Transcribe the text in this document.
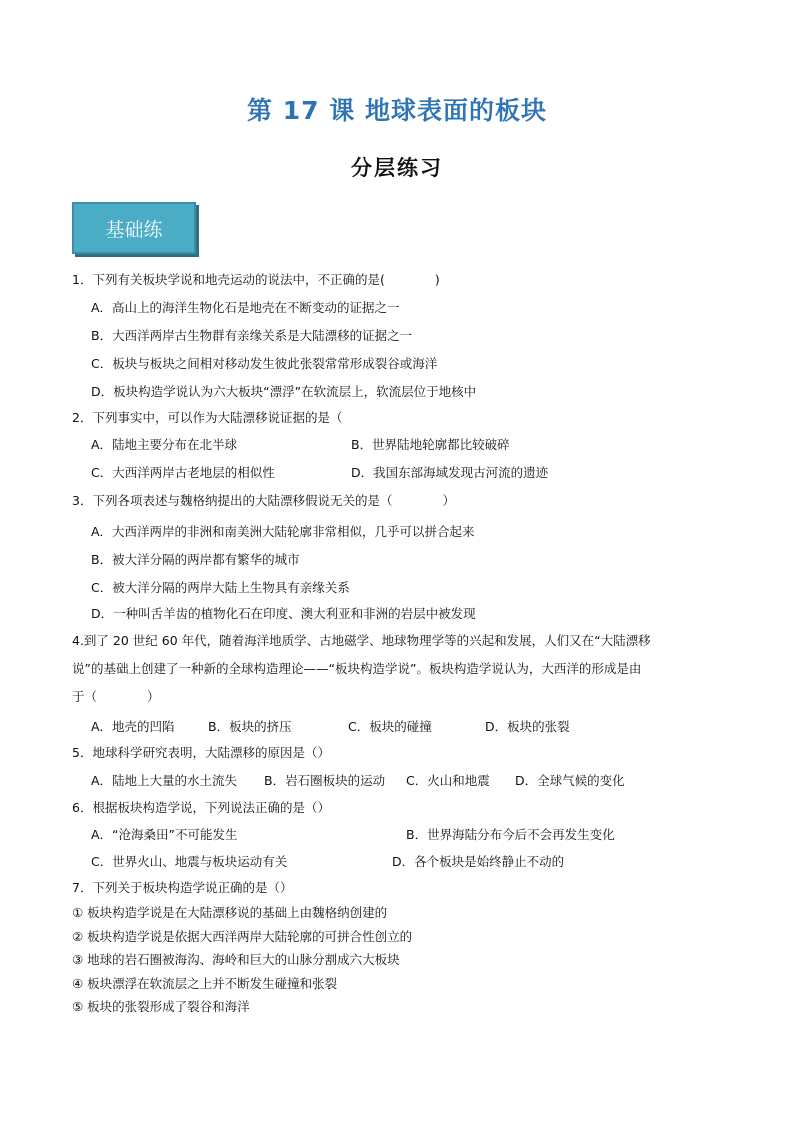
第 17 课 地球表面的板块
分层练习
基础练
1．下列有关板块学说和地壳运动的说法中，不正确的是(　　　　)
A．高山上的海洋生物化石是地壳在不断变动的证据之一
B．大西洋两岸古生物群有亲缘关系是大陆漂移的证据之一
C．板块与板块之间相对移动发生彼此张裂常常形成裂谷或海洋
D．板块构造学说认为六大板块“漂浮”在软流层上，软流层位于地核中
2．下列事实中，可以作为大陆漂移说证据的是（
A．陆地主要分布在北半球	B．世界陆地轮廓都比较破碎
C．大西洋两岸古老地层的相似性	D．我国东部海域发现古河流的遗迹
3．下列各项表述与魏格纳提出的大陆漂移假说无关的是（　　　　）
A．大西洋两岸的非洲和南美洲大陆轮廓非常相似，几乎可以拼合起来
B．被大洋分隔的两岸都有繁华的城市
C．被大洋分隔的两岸大陆上生物具有亲缘关系
D．一种叫舌羊齿的植物化石在印度、澳大利亚和非洲的岩层中被发现
4.到了 20 世纪 60 年代，随着海洋地质学、古地磁学、地球物理学等的兴起和发展，人们又在“大陆漂移
说”的基础上创建了一种新的全球构造理论——“板块构造学说”。板块构造学说认为，大西洋的形成是由
于（　　　　）
A．地壳的凹陷	B．板块的挤压	C．板块的碰撞	D．板块的张裂
5．地球科学研究表明，大陆漂移的原因是（）
A．陆地上大量的水土流失 B．岩石圈板块的运动 C．火山和地震 D．全球气候的变化
6．根据板块构造学说，下列说法正确的是（）
A．“沧海桑田”不可能发生	B．世界海陆分布今后不会再发生变化
C．世界火山、地震与板块运动有关	D．各个板块是始终静止不动的
7．下列关于板块构造学说正确的是（）
① 板块构造学说是在大陆漂移说的基础上由魏格纳创建的
② 板块构造学说是依据大西洋两岸大陆轮廓的可拼合性创立的
③ 地球的岩石圈被海沟、海岭和巨大的山脉分割成六大板块
④ 板块漂浮在软流层之上并不断发生碰撞和张裂
⑤ 板块的张裂形成了裂谷和海洋
